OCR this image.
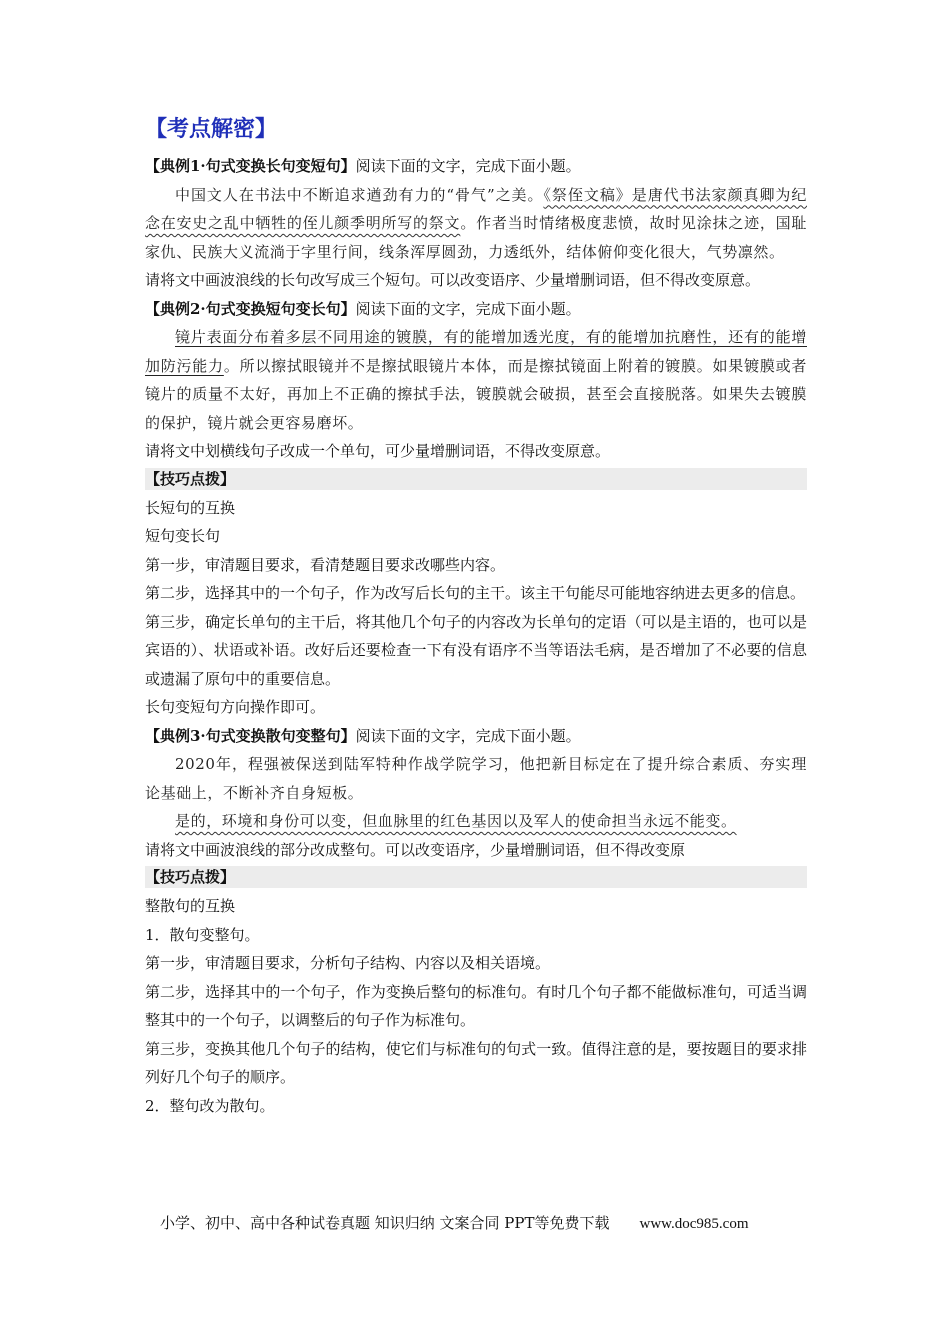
【考点解密】

【典例1·句式变换长句变短句】阅读下面的文字，完成下面小题。

中国文人在书法中不断追求遒劲有力的“骨气”之美。《祭侄文稿》是唐代书法家颜真卿为纪念在安史之乱中牺牲的侄儿颜季明所写的祭文。作者当时情绪极度悲愤，故时见涂抹之迹，国耻家仇、民族大义流淌于字里行间，线条浑厚圆劲，力透纸外，结体俯仰变化很大，气势凛然。

请将文中画波浪线的长句改写成三个短句。可以改变语序、少量增删词语，但不得改变原意。

【典例2·句式变换短句变长句】阅读下面的文字，完成下面小题。

镜片表面分布着多层不同用途的镀膜，有的能增加透光度，有的能增加抗磨性，还有的能增加防污能力。所以擦拭眼镜并不是擦拭眼镜片本体，而是擦拭镜面上附着的镀膜。如果镀膜或者镜片的质量不太好，再加上不正确的擦拭手法，镀膜就会破损，甚至会直接脱落。如果失去镀膜的保护，镜片就会更容易磨坏。

请将文中划横线句子改成一个单句，可少量增删词语，不得改变原意。

【技巧点拨】

长短句的互换

短句变长句

第一步，审清题目要求，看清楚题目要求改哪些内容。

第二步，选择其中的一个句子，作为改写后长句的主干。该主干句能尽可能地容纳进去更多的信息。

第三步，确定长单句的主干后，将其他几个句子的内容改为长单句的定语（可以是主语的，也可以是宾语的）、状语或补语。改好后还要检查一下有没有语序不当等语法毛病，是否增加了不必要的信息或遗漏了原句中的重要信息。

长句变短句方向操作即可。

【典例3·句式变换散句变整句】阅读下面的文字，完成下面小题。

2020年，程强被保送到陆军特种作战学院学习，他把新目标定在了提升综合素质、夯实理论基础上，不断补齐自身短板。

是的，环境和身份可以变，但血脉里的红色基因以及军人的使命担当永远不能变。

请将文中画波浪线的部分改成整句。可以改变语序，少量增删词语，但不得改变原

【技巧点拨】

整散句的互换

1．散句变整句。

第一步，审清题目要求，分析句子结构、内容以及相关语境。

第二步，选择其中的一个句子，作为变换后整句的标准句。有时几个句子都不能做标准句，可适当调整其中的一个句子，以调整后的句子作为标准句。

第三步，变换其他几个句子的结构，使它们与标准句的句式一致。值得注意的是，要按题目的要求排列好几个句子的顺序。

2．整句改为散句。

小学、初中、高中各种试卷真题 知识归纳 文案合同 PPT等免费下载 www.doc985.com
